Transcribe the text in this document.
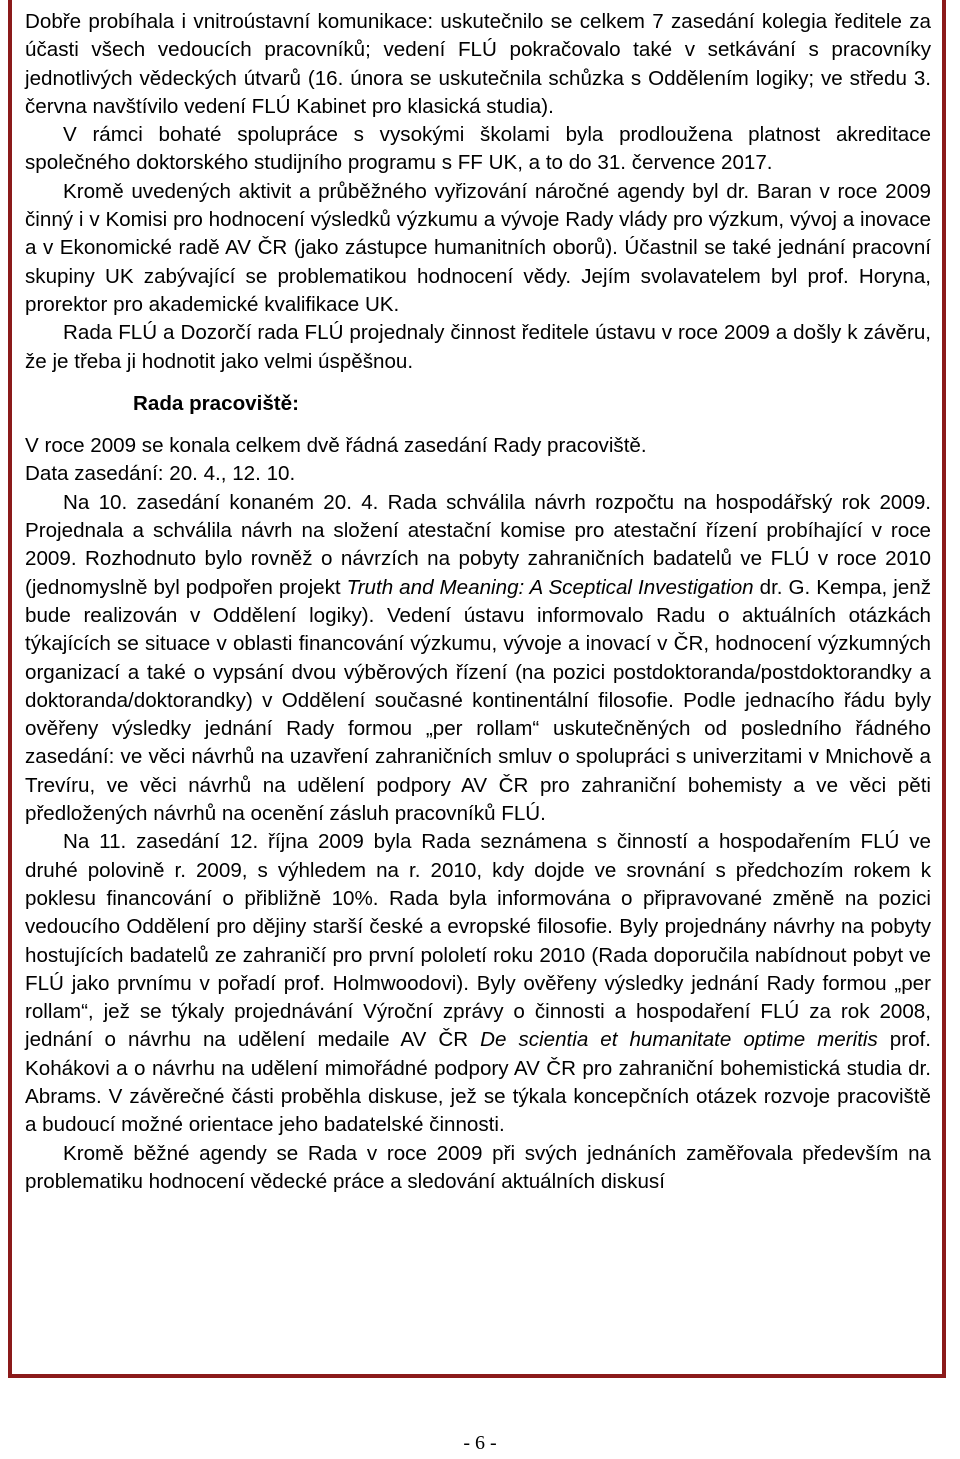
Dobře probíhala i vnitroústavní komunikace: uskutečnilo se celkem 7 zasedání kolegia ředitele za účasti všech vedoucích pracovníků; vedení FLÚ pokračovalo také v setkávání s pracovníky jednotlivých vědeckých útvarů (16. února se uskutečnila schůzka s Oddělením logiky; ve středu 3. června navštívilo vedení FLÚ Kabinet pro klasická studia).

V rámci bohaté spolupráce s vysokými školami byla prodloužena platnost akreditace společného doktorského studijního programu s FF UK, a to do 31. července 2017.

Kromě uvedených aktivit a průběžného vyřizování náročné agendy byl dr. Baran v roce 2009 činný i v Komisi pro hodnocení výsledků výzkumu a vývoje Rady vlády pro výzkum, vývoj a inovace a v Ekonomické radě AV ČR (jako zástupce humanitních oborů). Účastnil se také jednání pracovní skupiny UK zabývající se problematikou hodnocení vědy. Jejím svolavatelem byl prof. Horyna, prorektor pro akademické kvalifikace UK.

Rada FLÚ a Dozorčí rada FLÚ projednaly činnost ředitele ústavu v roce 2009 a došly k závěru, že je třeba ji hodnotit jako velmi úspěšnou.

Rada pracoviště:

V roce 2009 se konala celkem dvě řádná zasedání Rady pracoviště.

Data zasedání: 20. 4., 12. 10.

Na 10. zasedání konaném 20. 4. Rada schválila návrh rozpočtu na hospodářský rok 2009. Projednala a schválila návrh na složení atestační komise pro atestační řízení probíhající v roce 2009. Rozhodnuto bylo rovněž o návrzích na pobyty zahraničních badatelů ve FLÚ v roce 2010 (jednomyslně byl podpořen projekt Truth and Meaning: A Sceptical Investigation dr. G. Kempa, jenž bude realizován v Oddělení logiky). Vedení ústavu informovalo Radu o aktuálních otázkách týkajících se situace v oblasti financování výzkumu, vývoje a inovací v ČR, hodnocení výzkumných organizací a také o vypsání dvou výběrových řízení (na pozici postdoktoranda/postdoktorandky a doktoranda/doktorandky) v Oddělení současné kontinentální filosofie. Podle jednacího řádu byly ověřeny výsledky jednání Rady formou „per rollam“ uskutečněných od posledního řádného zasedání: ve věci návrhů na uzavření zahraničních smluv o spolupráci s univerzitami v Mnichově a Trevíru, ve věci návrhů na udělení podpory AV ČR pro zahraniční bohemisty a ve věci pěti předložených návrhů na ocenění zásluh pracovníků FLÚ.

Na 11. zasedání 12. října 2009 byla Rada seznámena s činností a hospodařením FLÚ ve druhé polovině r. 2009, s výhledem na r. 2010, kdy dojde ve srovnání s předchozím rokem k poklesu financování o přibližně 10%. Rada byla informována o připravované změně na pozici vedoucího Oddělení pro dějiny starší české a evropské filosofie. Byly projednány návrhy na pobyty hostujících badatelů ze zahraničí pro první pololetí roku 2010 (Rada doporučila nabídnout pobyt ve FLÚ jako prvnímu v pořadí prof. Holmwoodovi). Byly ověřeny výsledky jednání Rady formou „per rollam“, jež se týkaly projednávání Výroční zprávy o činnosti a hospodaření FLÚ za rok 2008, jednání o návrhu na udělení medaile AV ČR De scientia et humanitate optime meritis prof. Kohákovi a o návrhu na udělení mimořádné podpory AV ČR pro zahraniční bohemistická studia dr. Abrams. V závěrečné části proběhla diskuse, jež se týkala koncepčních otázek rozvoje pracoviště a budoucí možné orientace jeho badatelské činnosti.

Kromě běžné agendy se Rada v roce 2009 při svých jednáních zaměřovala především na problematiku hodnocení vědecké práce a sledování aktuálních diskusí

- 6 -
